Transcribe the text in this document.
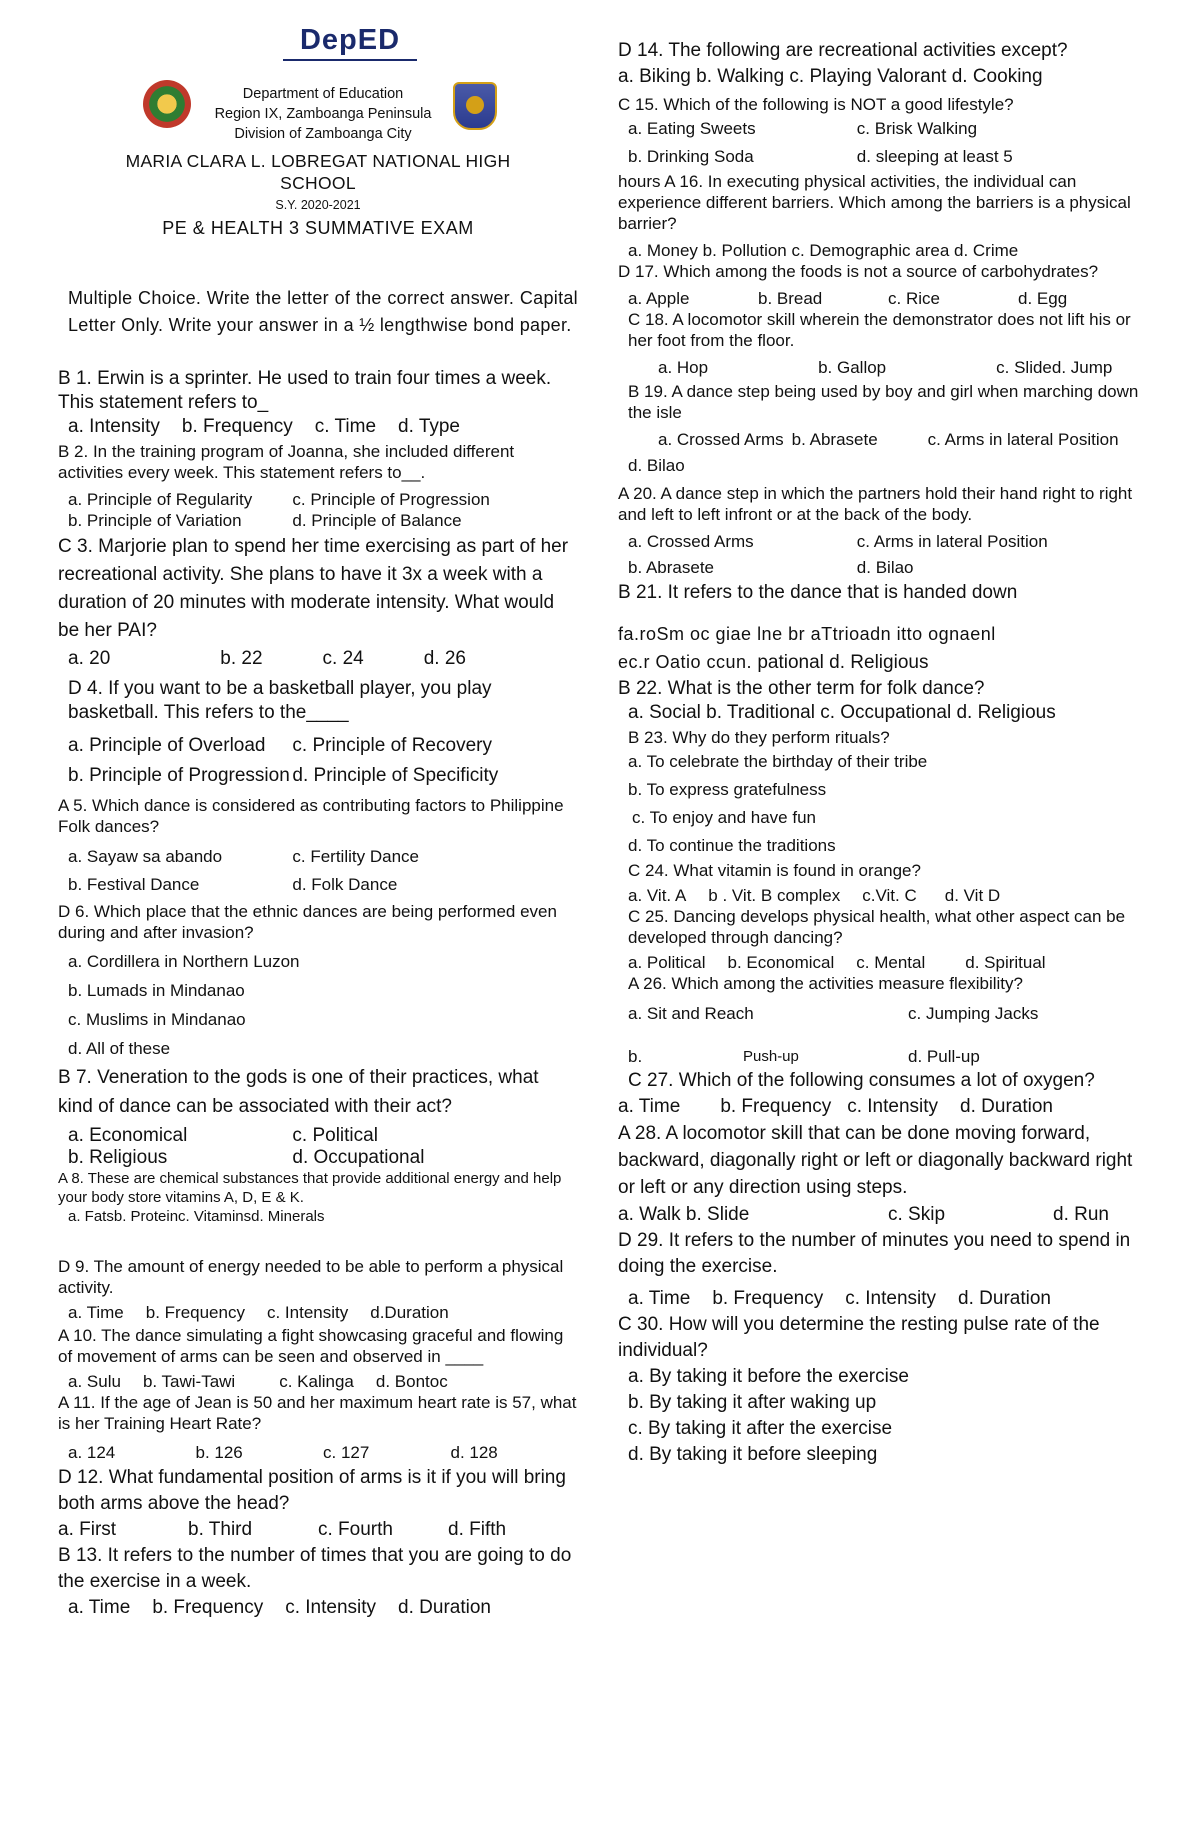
DepED
Department of Education
Region IX, Zamboanga Peninsula
Division of Zamboanga City
MARIA CLARA L. LOBREGAT NATIONAL HIGH
SCHOOL
S.Y. 2020-2021
PE & HEALTH 3 SUMMATIVE EXAM
Multiple Choice. Write the letter of the correct answer. Capital Letter Only. Write your answer in a ½ lengthwise bond paper.

B 1. Erwin is a sprinter. He used to train four times a week. This statement refers to_

a. Intensity b. Frequency c. Time d. Type

B 2. In the training program of Joanna, she included different activities every week. This statement refers to__.

a. Principle of Regularity	c. Principle of Progression
b. Principle of Variation	d. Principle of Balance

C 3. Marjorie plan to spend her time exercising as part of her recreational activity. She plans to have it 3x a week with a duration of 20 minutes with moderate intensity. What would be her PAI?

a. 20	b. 22	c. 24	d. 26

D 4. If you want to be a basketball player, you play basketball. This refers to the____

a. Principle of Overload	c. Principle of Recovery
b. Principle of Progression d. Principle of Specificity

A 5. Which dance is considered as contributing factors to Philippine Folk dances?

a. Sayaw sa abando	c. Fertility Dance
b. Festival Dance	d. Folk Dance

D 6. Which place that the ethnic dances are being performed even during and after invasion?

a. Cordillera in Northern Luzon
b. Lumads in Mindanao
c. Muslims in Mindanao
d. All of these

B 7. Veneration to the gods is one of their practices, what kind of dance can be associated with their act?

a. Economical	c. Political
b. Religious	d. Occupational

A 8. These are chemical substances that provide additional energy and help your body store vitamins A, D, E & K.

a. Fatsb. Proteinc. Vitaminsd. Minerals

D 9. The amount of energy needed to be able to perform a physical activity.

a. Time b. Frequency c. Intensity d.Duration

A 10. The dance simulating a fight showcasing graceful and flowing of movement of arms can be seen and observed in ____

a. Sulu b. Tawi-Tawi	c. Kalinga d. Bontoc

A 11. If the age of Jean is 50 and her maximum heart rate is 57, what is her Training Heart Rate?

a. 124	b. 126	c. 127	d. 128

D 12. What fundamental position of arms is it if you will bring both arms above the head?

a. First	b. Third	c. Fourth	d. Fifth

B 13. It refers to the number of times that you are going to do the exercise in a week.

a. Time b. Frequency c. Intensity d. Duration

D 14. The following are recreational activities except?

a. Biking b. Walking c. Playing Valorant d. Cooking

C 15. Which of the following is NOT a good lifestyle?

a. Eating Sweets	c. Brisk Walking
b. Drinking Soda	d. sleeping at least 5

hours A 16. In executing physical activities, the individual can experience different barriers. Which among the barriers is a physical barrier?

a. Money b. Pollution c. Demographic area d. Crime

D 17. Which among the foods is not a source of carbohydrates?

a. Apple	b. Bread	c. Rice	d. Egg

C 18. A locomotor skill wherein the demonstrator does not lift his or her foot from the floor.

a. Hop	b. Gallop	c. Slide d. Jump

B 19. A dance step being used by boy and girl when marching down the isle

a. Crossed Arms b. Abrasete	c. Arms in lateral Position
d. Bilao

A 20. A dance step in which the partners hold their hand right to right and left to left infront or at the back of the body.

a. Crossed Arms	c. Arms in lateral Position
b. Abrasete	d. Bilao

B 21. It refers to the dance that is handed down

fa.roSm oc giae lne br aTtrioadn itto ognaenl
ec.r Oatio ccun. pational d. Religious

B 22. What is the other term for folk dance?

a. Social b. Traditional c. Occupational d. Religious

B 23. Why do they perform rituals?

a. To celebrate the birthday of their tribe
b. To express gratefulness
c. To enjoy and have fun
d. To continue the traditions

C 24. What vitamin is found in orange?

a. Vit. A b . Vit. B complex c.Vit. C d. Vit D

C 25. Dancing develops physical health, what other aspect can be developed through dancing?

a. Political b. Economical c. Mental d. Spiritual

A 26. Which among the activities measure flexibility?

a. Sit and Reach	c. Jumping Jacks
b.	Push-up	d. Pull-up

C 27. Which of the following consumes a lot of oxygen?

a. Time b. Frequency c. Intensity d. Duration

A 28. A locomotor skill that can be done moving forward, backward, diagonally right or left or diagonally backward right or left or any direction using steps.

a. Walk b. Slide	c. Skip	d. Run

D 29. It refers to the number of minutes you need to spend in doing the exercise.

a. Time b. Frequency c. Intensity d. Duration

C 30. How will you determine the resting pulse rate of the individual?

a. By taking it before the exercise
b. By taking it after waking up
c. By taking it after the exercise
d. By taking it before sleeping
